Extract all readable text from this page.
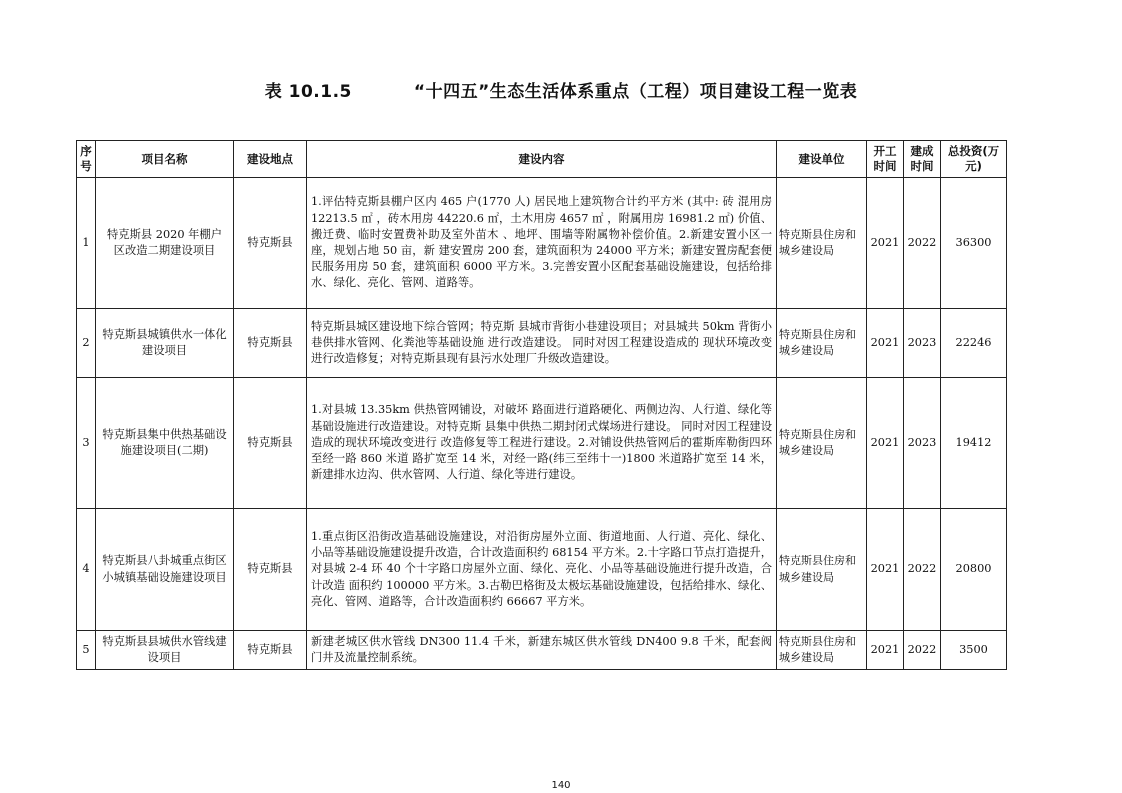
表 10.1.5	“十四五”生态生活体系重点（工程）项目建设工程一览表
序号	项目名称	建设地点	建设内容	建设单位	开工时间	建成时间	总投资(万元)
1	特克斯县 2020 年棚户区改造二期建设项目	特克斯县	1.评估特克斯县棚户区内 465 户(1770 人) 居民地上建筑物合计约平方米 (其中: 砖 混用房 12213.5 ㎡ ，砖木用房 44220.6 ㎡，土木用房 4657 ㎡ ，附属用房 16981.2 ㎡) 价值、搬迁费、临时安置费补助及室外苗木 、地坪、围墙等附属物补偿价值。2.新建安置小区一座，规划占地 50 亩，新 建安置房 200 套，建筑面积为 24000 平方米；新建安置房配套便民服务用房 50 套，建筑面积 6000 平方米。3.完善安置小区配套基础设施建设，包括给排水、绿化、亮化、管网、道路等。	特克斯县住房和城乡建设局	2021	2022	36300
2	特克斯县城镇供水一体化建设项目	特克斯县	特克斯县城区建设地下综合管网；特克斯 县城市背街小巷建设项目；对县城共 50km 背街小巷供排水管网、化粪池等基础设施 进行改造建设。 同时对因工程建设造成的 现状环境改变进行改造修复；对特克斯县现有县污水处理厂升级改造建设。	特克斯县住房和城乡建设局	2021	2023	22246
3	特克斯县集中供热基础设施建设项目(二期)	特克斯县	1.对县城 13.35km 供热管网铺设，对破坏 路面进行道路硬化、两侧边沟、人行道、绿化等基础设施进行改造建设。对特克斯 县集中供热二期封闭式煤场进行建设。 同时对因工程建设造成的现状环境改变进行 改造修复等工程进行建设。2.对铺设供热管网后的霍斯库勒街四环至经一路 860 米道 路扩宽至 14 米，对经一路(纬三至纬十一)1800 米道路扩宽至 14 米，新建排水边沟、供水管网、人行道、绿化等进行建设。	特克斯县住房和城乡建设局	2021	2023	19412
4	特克斯县八卦城重点街区小城镇基础设施建设项目	特克斯县	1.重点街区沿街改造基础设施建设，对沿街房屋外立面、街道地面、人行道、亮化、绿化、小品等基础设施建设提升改造，合计改造面积约 68154 平方米。2.十字路口节点打造提升，对县城 2-4 环 40 个十字路口房屋外立面、绿化、亮化、小品等基础设施进行提升改造，合计改造 面积约 100000 平方米。3.古勒巴格街及太极坛基础设施建设，包括给排水、绿化、亮化、管网、道路等，合计改造面积约 66667 平方米。	特克斯县住房和城乡建设局	2021	2022	20800
5	特克斯县县城供水管线建设项目	特克斯县	新建老城区供水管线 DN300 11.4 千米，新建东城区供水管线 DN400 9.8 千米，配套阀 门井及流量控制系统。	特克斯县住房和城乡建设局	2021	2022	3500
140
